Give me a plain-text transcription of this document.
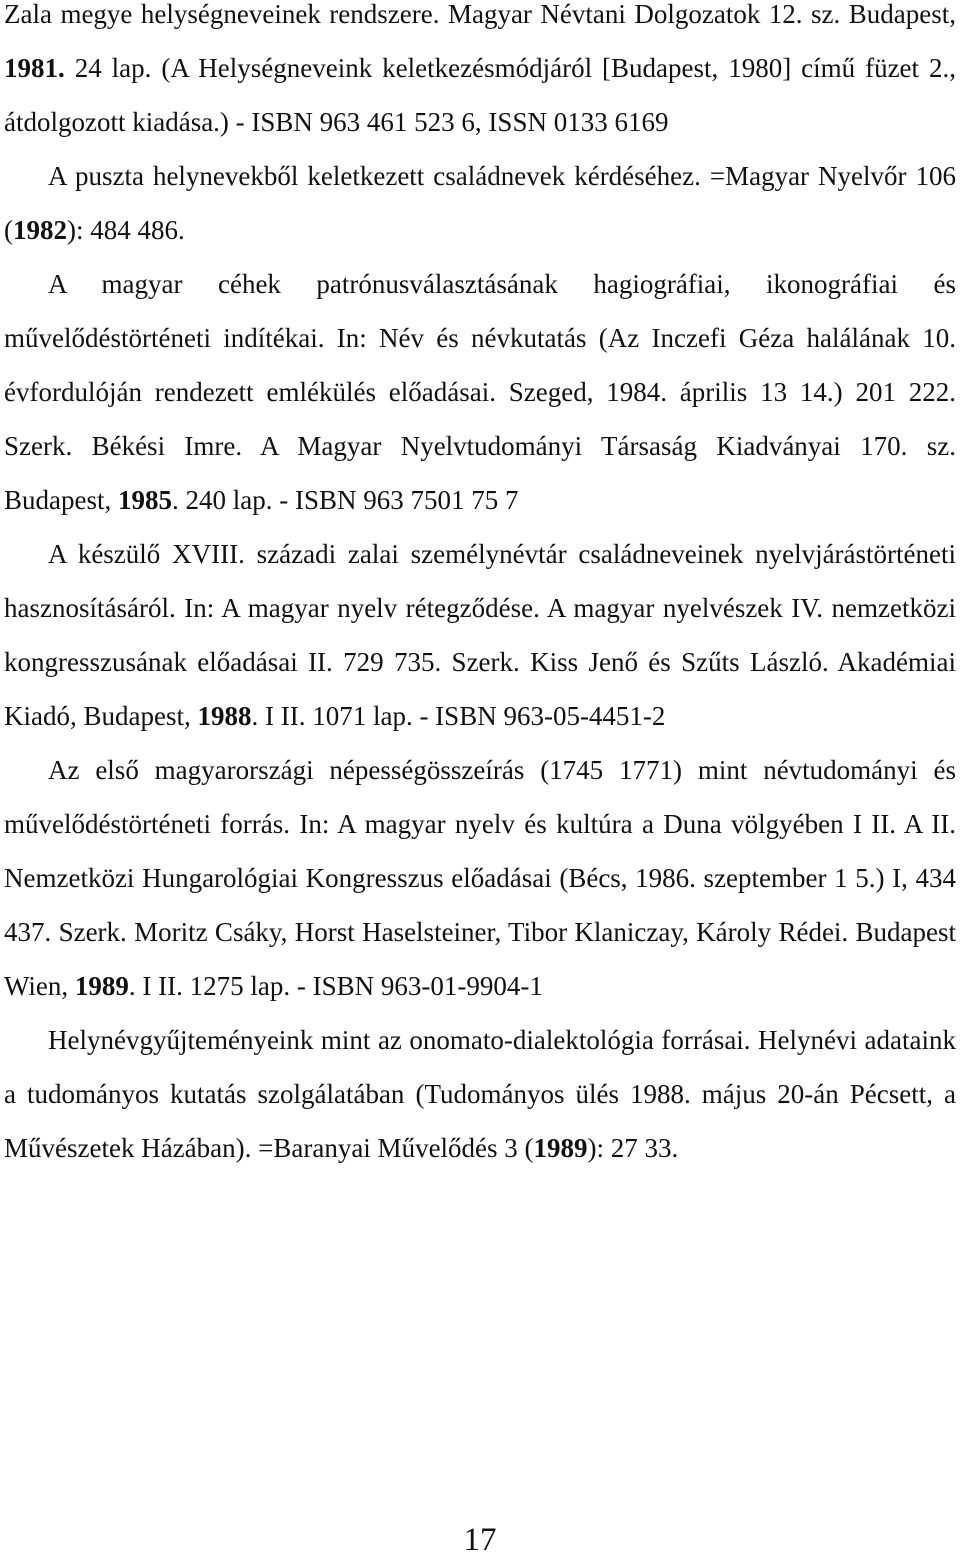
Zala megye helységneveinek rendszere. Magyar Névtani Dolgozatok 12. sz. Budapest, 1981. 24 lap. (A Helységneveink keletkezésmódjáról [Budapest, 1980] című füzet 2., átdolgozott kiadása.) - ISBN 963 461 523 6, ISSN 0133 6169

A puszta helynevekből keletkezett családnevek kérdéséhez. =Magyar Nyelvőr 106 (1982): 484 486.

A magyar céhek patrónusválasztásának hagiográfiai, ikonográfiai és művelődéstörténeti indítékai. In: Név és névkutatás (Az Inczefi Géza halálának 10. évfordulóján rendezett emlékülés előadásai. Szeged, 1984. április 13 14.) 201 222. Szerk. Békési Imre. A Magyar Nyelvtudományi Társaság Kiadványai 170. sz. Budapest, 1985. 240 lap. - ISBN 963 7501 75 7

A készülő XVIII. századi zalai személynévtár családneveinek nyelvjárástörténeti hasznosításáról. In: A magyar nyelv rétegződése. A magyar nyelvészek IV. nemzetközi kongresszusának előadásai II. 729 735. Szerk. Kiss Jenő és Szűts László. Akadémiai Kiadó, Budapest, 1988. I II. 1071 lap. - ISBN 963-05-4451-2

Az első magyarországi népességösszeírás (1745 1771) mint névtudományi és művelődéstörténeti forrás. In: A magyar nyelv és kultúra a Duna völgyében I II. A II. Nemzetközi Hungarológiai Kongresszus előadásai (Bécs, 1986. szeptember 1 5.) I, 434 437. Szerk. Moritz Csáky, Horst Haselsteiner, Tibor Klaniczay, Károly Rédei. Budapest Wien, 1989. I II. 1275 lap. - ISBN 963-01-9904-1

Helynévgyűjteményeink mint az onomato-dialektológia forrásai. Helynévi adataink a tudományos kutatás szolgálatában (Tudományos ülés 1988. május 20-án Pécsett, a Művészetek Házában). =Baranyai Művelődés 3 (1989): 27 33.

17
